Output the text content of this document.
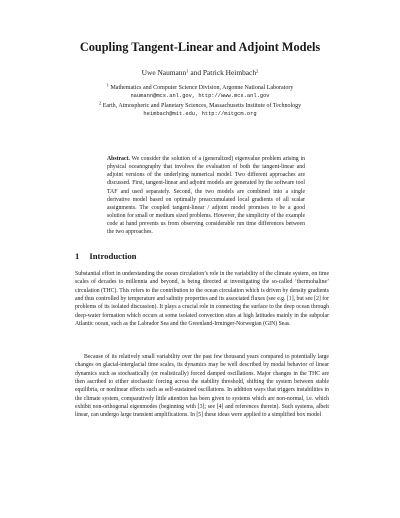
Coupling Tangent-Linear and Adjoint Models
Uwe Naumann$^1$ and Patrick Heimbach$^2$
$^1$ Mathematics and Computer Science Division, Argonne National Laboratory
naumann@mcs.anl.gov, http://www.mcs.anl.gov
$^2$ Earth, Atmospheric and Planetary Sciences, Massachusetts Institute of Technology
heimbach@mit.edu, http://mitgcm.org

Abstract. We consider the solution of a (generalized) eigenvalue problem arising in physical oceanography that involves the evaluation of both the tangent-linear and adjoint versions of the underlying numerical model. Two different approaches are discussed. First, tangent-linear and adjoint models are generated by the software tool TAF and used separately. Second, the two models are combined into a single derivative model based on optimally preaccumulated local gradients of all scalar assignments. The coupled tangent-linear / adjoint model promises to be a good solution for small or medium sized problems. However, the simplicity of the example code at hand prevents us from observing considerable run time differences between the two approaches.

1 Introduction

Substantial effort in understanding the ocean circulation’s role in the variability of the climate system, on time scales of decades to millennia and beyond, is being directed at investigating the so-called ‘thermohaline’ circulation (THC). This refers to the contribution to the ocean circulation which is driven by density gradients and thus controlled by temperature and salinity properties and its associated fluxes (see e.g. [1], but see [2] for problems of its isolated discussion). It plays a crucial role in connecting the surface to the deep ocean through deep-water formation which occurs at some isolated convection sites at high latitudes mainly in the subpolar Atlantic ocean, such as the Labrador Sea and the Greenland-Irminger-Norwegian (GIN) Seas.

Because of its relatively small variability over the past few thousand years compared to potentially large changes on glacial-interglacial time scales, its dynamics may be well described by modal behavior of linear dynamics such as stochastically (or realistically) forced damped oscillations. Major changes in the THC are then ascribed to either stochastic forcing across the stability threshold, shifting the system between stable equilibria, or nonlinear effects such as self-sustained oscillations. In addition ways that triggers instabilities in the climate system, comparatively little attention has been given to systems which are non-normal, i.e. which exhibit non-orthogonal eigenmodes (beginning with [3]; see [4] and references therein). Such systems, albeit linear, can undergo large transient amplifications. In [5] these ideas were applied to a simplified box model
